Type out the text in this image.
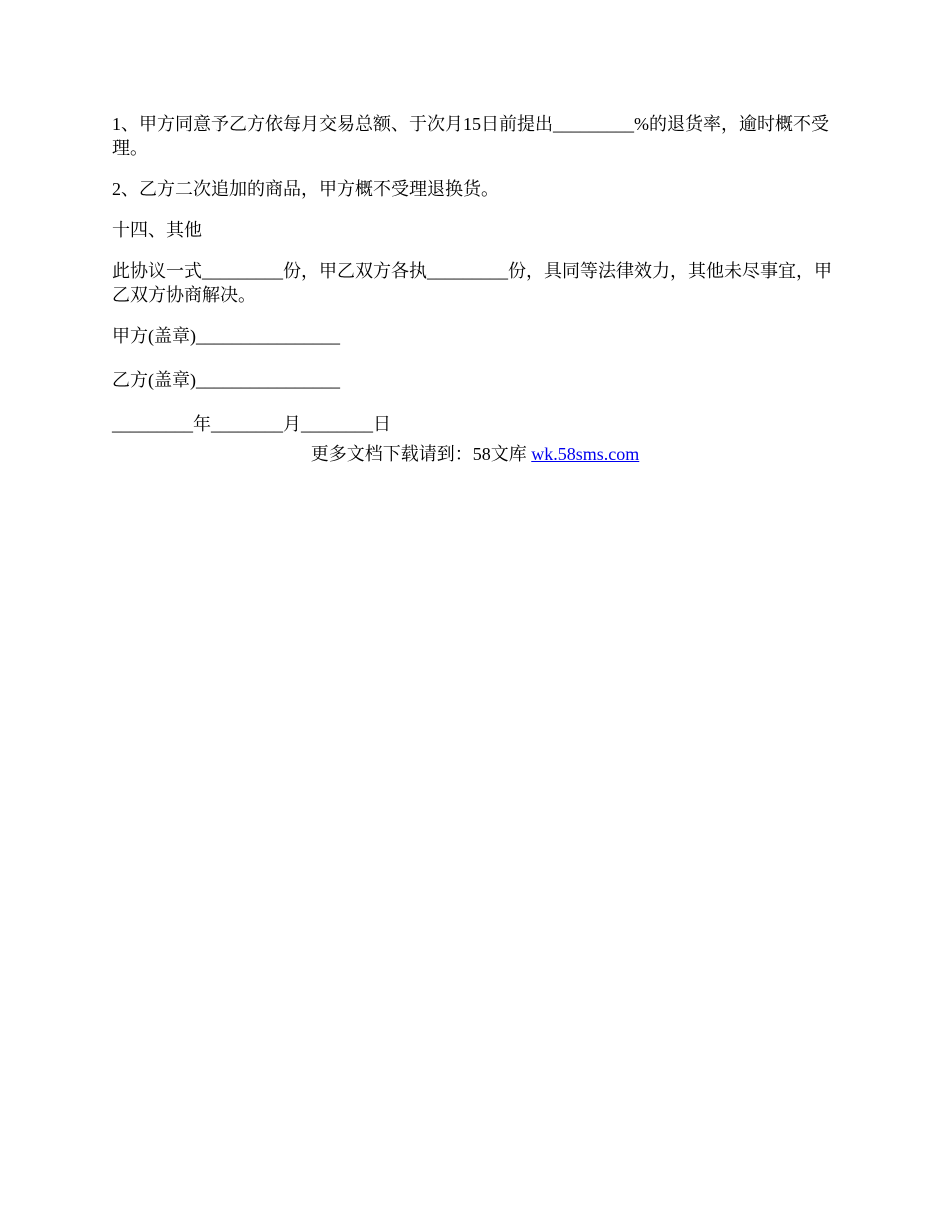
1、甲方同意予乙方依每月交易总额、于次月15日前提出_________%的退货率，逾时概不受理。

2、乙方二次追加的商品，甲方概不受理退换货。

十四、其他

此协议一式_________份，甲乙双方各执_________份，具同等法律效力，其他未尽事宜，甲乙双方协商解决。

甲方(盖章)________________

乙方(盖章)________________

_________年________月________日

更多文档下载请到：58文库 wk.58sms.com
